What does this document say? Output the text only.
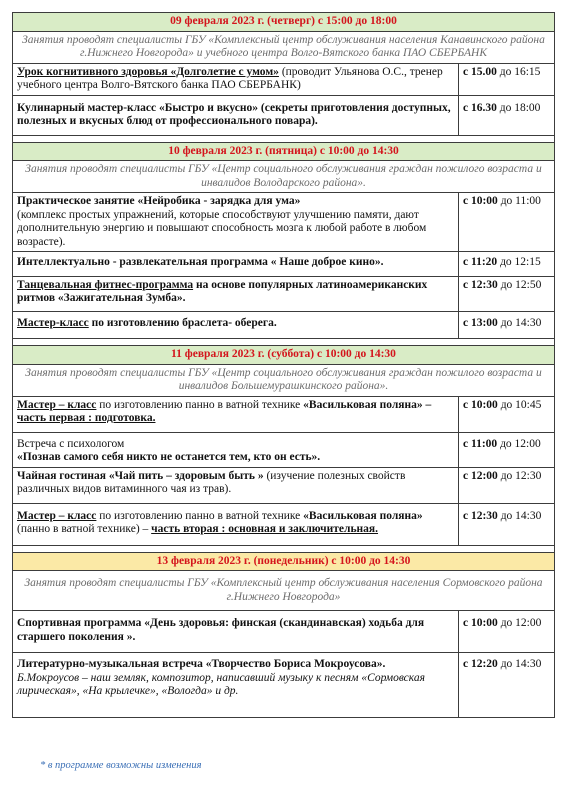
09 февраля 2023 г. (четверг) с 15:00 до 18:00	
Занятия проводят специалисты ГБУ «Комплексный центр обслуживания населения Канавинского района г.Нижнего Новгорода» и учебного центра Волго-Вятского банка ПАО СБЕРБАНК	
Урок когнитивного здоровья «Долголетие с умом» (проводит Ульянова О.С., тренер учебного центра Волго-Вятского банка ПАО СБЕРБАНК)	с 15.00 до 16:15
Кулинарный мастер-класс «Быстро и вкусно» (секреты приготовления доступных, полезных и вкусных блюд от профессионального повара).	с 16.30 до 18:00

10 февраля 2023 г. (пятница) с 10:00 до 14:30	
Занятия проводят специалисты ГБУ «Центр социального обслуживания граждан пожилого возраста и инвалидов Володарского района».	
Практическое занятие «Нейробика - зарядка для ума»
(комплекс простых упражнений, которые способствуют улучшению памяти, дают дополнительную энергию и повышают способность мозга к любой работе в любом возрасте).	с 10:00 до 11:00
Интеллектуально - развлекательная программа « Наше доброе кино».	с 11:20 до 12:15
Танцевальная фитнес-программа на основе популярных латиноамериканских ритмов «Зажигательная Зумба».	с 12:30 до 12:50
Мастер-класс по изготовлению браслета- оберега.	с 13:00 до 14:30

11 февраля 2023 г. (суббота) с 10:00 до 14:30	
Занятия проводят специалисты ГБУ «Центр социального обслуживания граждан пожилого возраста и инвалидов Большемурашкинского района».	
Мастер – класс по изготовлению панно в ватной технике «Васильковая поляна» – часть первая : подготовка.	с 10:00 до 10:45
Встреча с психологом
«Познав самого себя никто не останется тем, кто он есть».	с 11:00 до 12:00
Чайная гостиная «Чай пить – здоровым быть » (изучение полезных свойств различных видов витаминного чая из трав).	с 12:00 до 12:30
Мастер – класс по изготовлению панно в ватной технике «Васильковая поляна» (панно в ватной технике) – часть вторая : основная и заключительная.	с 12:30 до 14:30

13 февраля 2023 г. (понедельник) с 10:00 до 14:30	
Занятия проводят специалисты ГБУ «Комплексный центр обслуживания населения Сормовского района г.Нижнего Новгорода»	
Спортивная программа «День здоровья: финская (скандинавская) ходьба для старшего поколения ».	с 10:00 до 12:00
Литературно-музыкальная встреча «Творчество Бориса Мокроусова».
Б.Мокроусов – наш земляк, композитор, написавший музыку к песням «Сормовская лирическая», «На крылечке», «Вологда» и др.	с 12:20 до 14:30
* в программе возможны изменения
